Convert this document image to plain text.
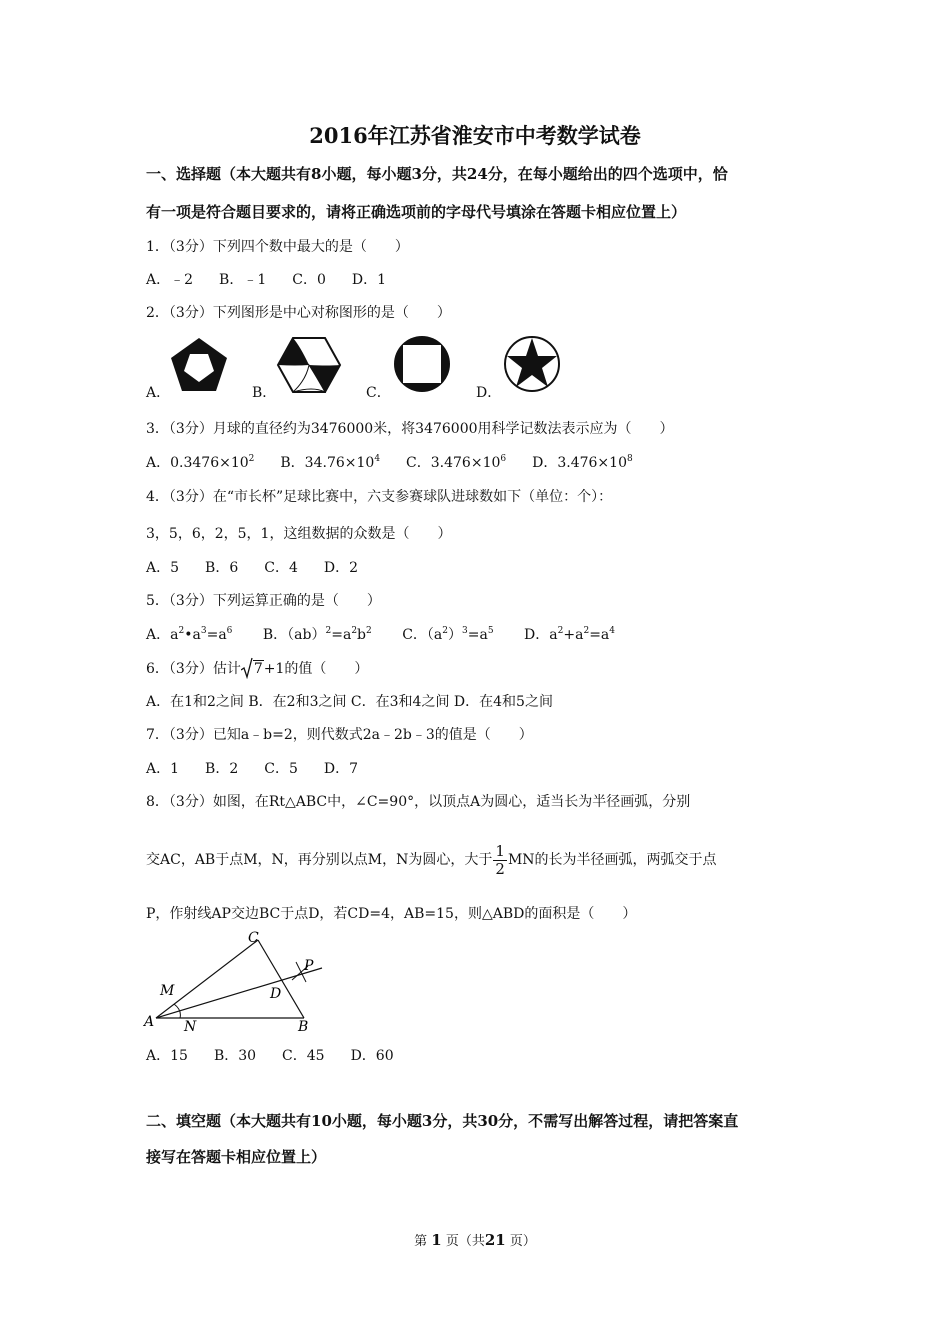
2016年江苏省淮安市中考数学试卷
一、选择题（本大题共有8小题，每小题3分，共24分，在每小题给出的四个选项中，恰
有一项是符合题目要求的，请将正确选项前的字母代号填涂在答题卡相应位置上）
1．（3分）下列四个数中最大的是（　　）
A．﹣2 B．﹣1 C．0 D．1
2．（3分）下列图形是中心对称图形的是（　　）
A．	B．	C．	D．
3．（3分）月球的直径约为3476000米，将3476000用科学记数法表示应为（　　）
A．$0.3476\times 10^2$ B．$34.76\times 10^4$ C．$3.476\times 10^6$ D．$3.476\times 10^8$
4．（3分）在“市长杯”足球比赛中，六支参赛球队进球数如下（单位：个）：
3，5，6，2，5，1，这组数据的众数是（　　）
A．5 B．6 C．4 D．2
5．（3分）下列运算正确的是（　　）
A．$a^2•a^3=a^6$ B．$(ab)^2=a^2b^2$ C．$(a^2)^3=a^5$ D．$a^2+a^2=a^4$
6．（3分）估计 7+1的值（　　）
A．在1和2之间 B．在2和3之间 C．在3和4之间 D．在4和5之间
7．（3分）已知a﹣b=2，则代数式2a﹣2b﹣3的值是（　　）
A．1 B．2 C．5 D．7
8．（3分）如图，在Rt△ABC中，∠C=90°，以顶点A为圆心，适当长为半径画弧，分别
交AC，AB于点M，N，再分别以点M，N为圆心，大于 $\frac{1}{2}$ MN的长为半径画弧，两弧交于点
P，作射线AP交边BC于点D，若CD=4，AB=15，则△ABD的面积是（　　）
C
P
M	D
A N	B
A．15 B．30 C．45 D．60
二、填空题（本大题共有10小题，每小题3分，共30分，不需写出解答过程，请把答案直
接写在答题卡相应位置上）
第 1 页（共21 页）
